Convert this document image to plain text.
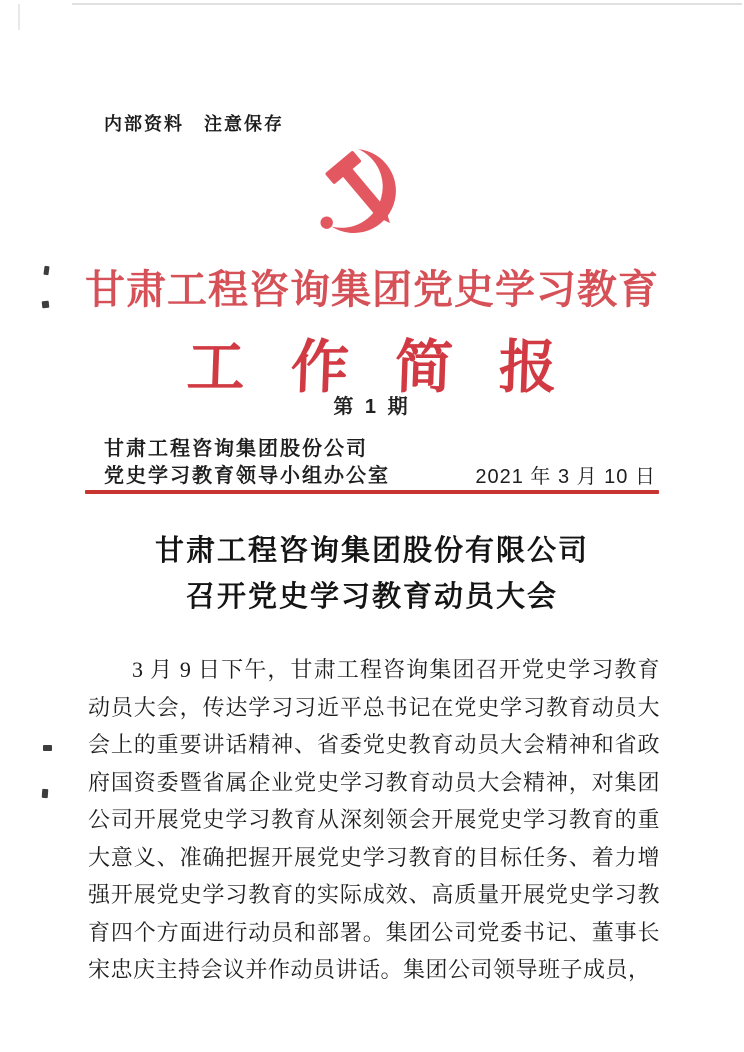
内部资料　注意保存
甘肃工程咨询集团党史学习教育
工作简报
第 1 期
甘肃工程咨询集团股份公司
党史学习教育领导小组办公室	2021 年 3 月 10 日
甘肃工程咨询集团股份有限公司
召开党史学习教育动员大会
3 月 9 日下午，甘肃工程咨询集团召开党史学习教育动员大会，传达学习习近平总书记在党史学习教育动员大会上的重要讲话精神、省委党史教育动员大会精神和省政府国资委暨省属企业党史学习教育动员大会精神，对集团公司开展党史学习教育从深刻领会开展党史学习教育的重大意义、准确把握开展党史学习教育的目标任务、着力增强开展党史学习教育的实际成效、高质量开展党史学习教育四个方面进行动员和部署。集团公司党委书记、董事长宋忠庆主持会议并作动员讲话。集团公司领导班子成员，
